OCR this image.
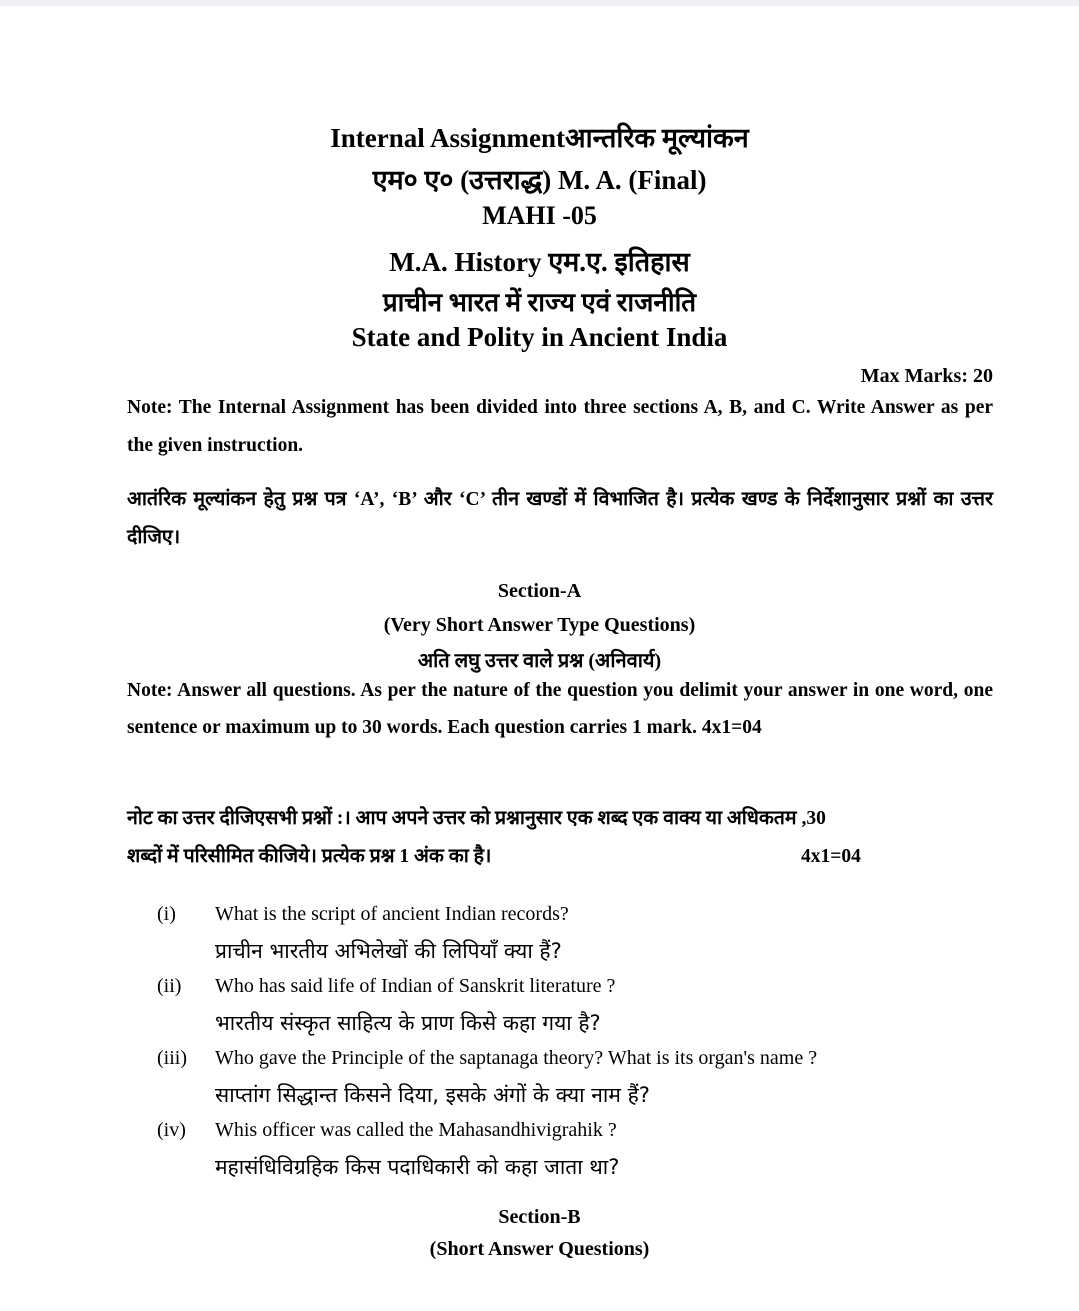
Internal Assignmentआन्तरिक मूल्यांकन
एम० ए० (उत्तराद्ध) M. A. (Final)
MAHI -05
M.A. History एम.ए. इतिहास
प्राचीन भारत में राज्य एवं राजनीति
State and Polity in Ancient India
Max Marks: 20
Note: The Internal Assignment has been divided into three sections A, B, and C. Write Answer as per the given instruction.
आतंरिक मूल्यांकन हेतु प्रश्न पत्र ‘A’, ‘B’ और ‘C’ तीन खण्डों में विभाजित है। प्रत्येक खण्ड के निर्देशानुसार प्रश्नों का उत्तर दीजिए।
Section-A
(Very Short Answer Type Questions)
अति लघु उत्तर वाले प्रश्न (अनिवार्य)
Note: Answer all questions. As per the nature of the question you delimit your answer in one word, one sentence or maximum up to 30 words. Each question carries 1 mark. 4x1=04
नोट का उत्तर दीजिएसभी प्रश्नों :। आप अपने उत्तर को प्रश्नानुसार एक शब्द एक वाक्य या अधिकतम ,30
शब्दों में परिसीमित कीजिये। प्रत्येक प्रश्न 1 अंक का है।	4x1=04
(i) What is the script of ancient Indian records?
प्राचीन भारतीय अभिलेखों की लिपियाँ क्या हैं?
(ii) Who has said life of Indian of Sanskrit literature ?
भारतीय संस्कृत साहित्य के प्राण किसे कहा गया है?
(iii) Who gave the Principle of the saptanaga theory? What is its organ's name ?
साप्तांग सिद्धान्त किसने दिया, इसके अंगों के क्या नाम हैं?
(iv) Whis officer was called the Mahasandhivigrahik ?
महासंधिविग्रहिक किस पदाधिकारी को कहा जाता था?
Section-B
(Short Answer Questions)
